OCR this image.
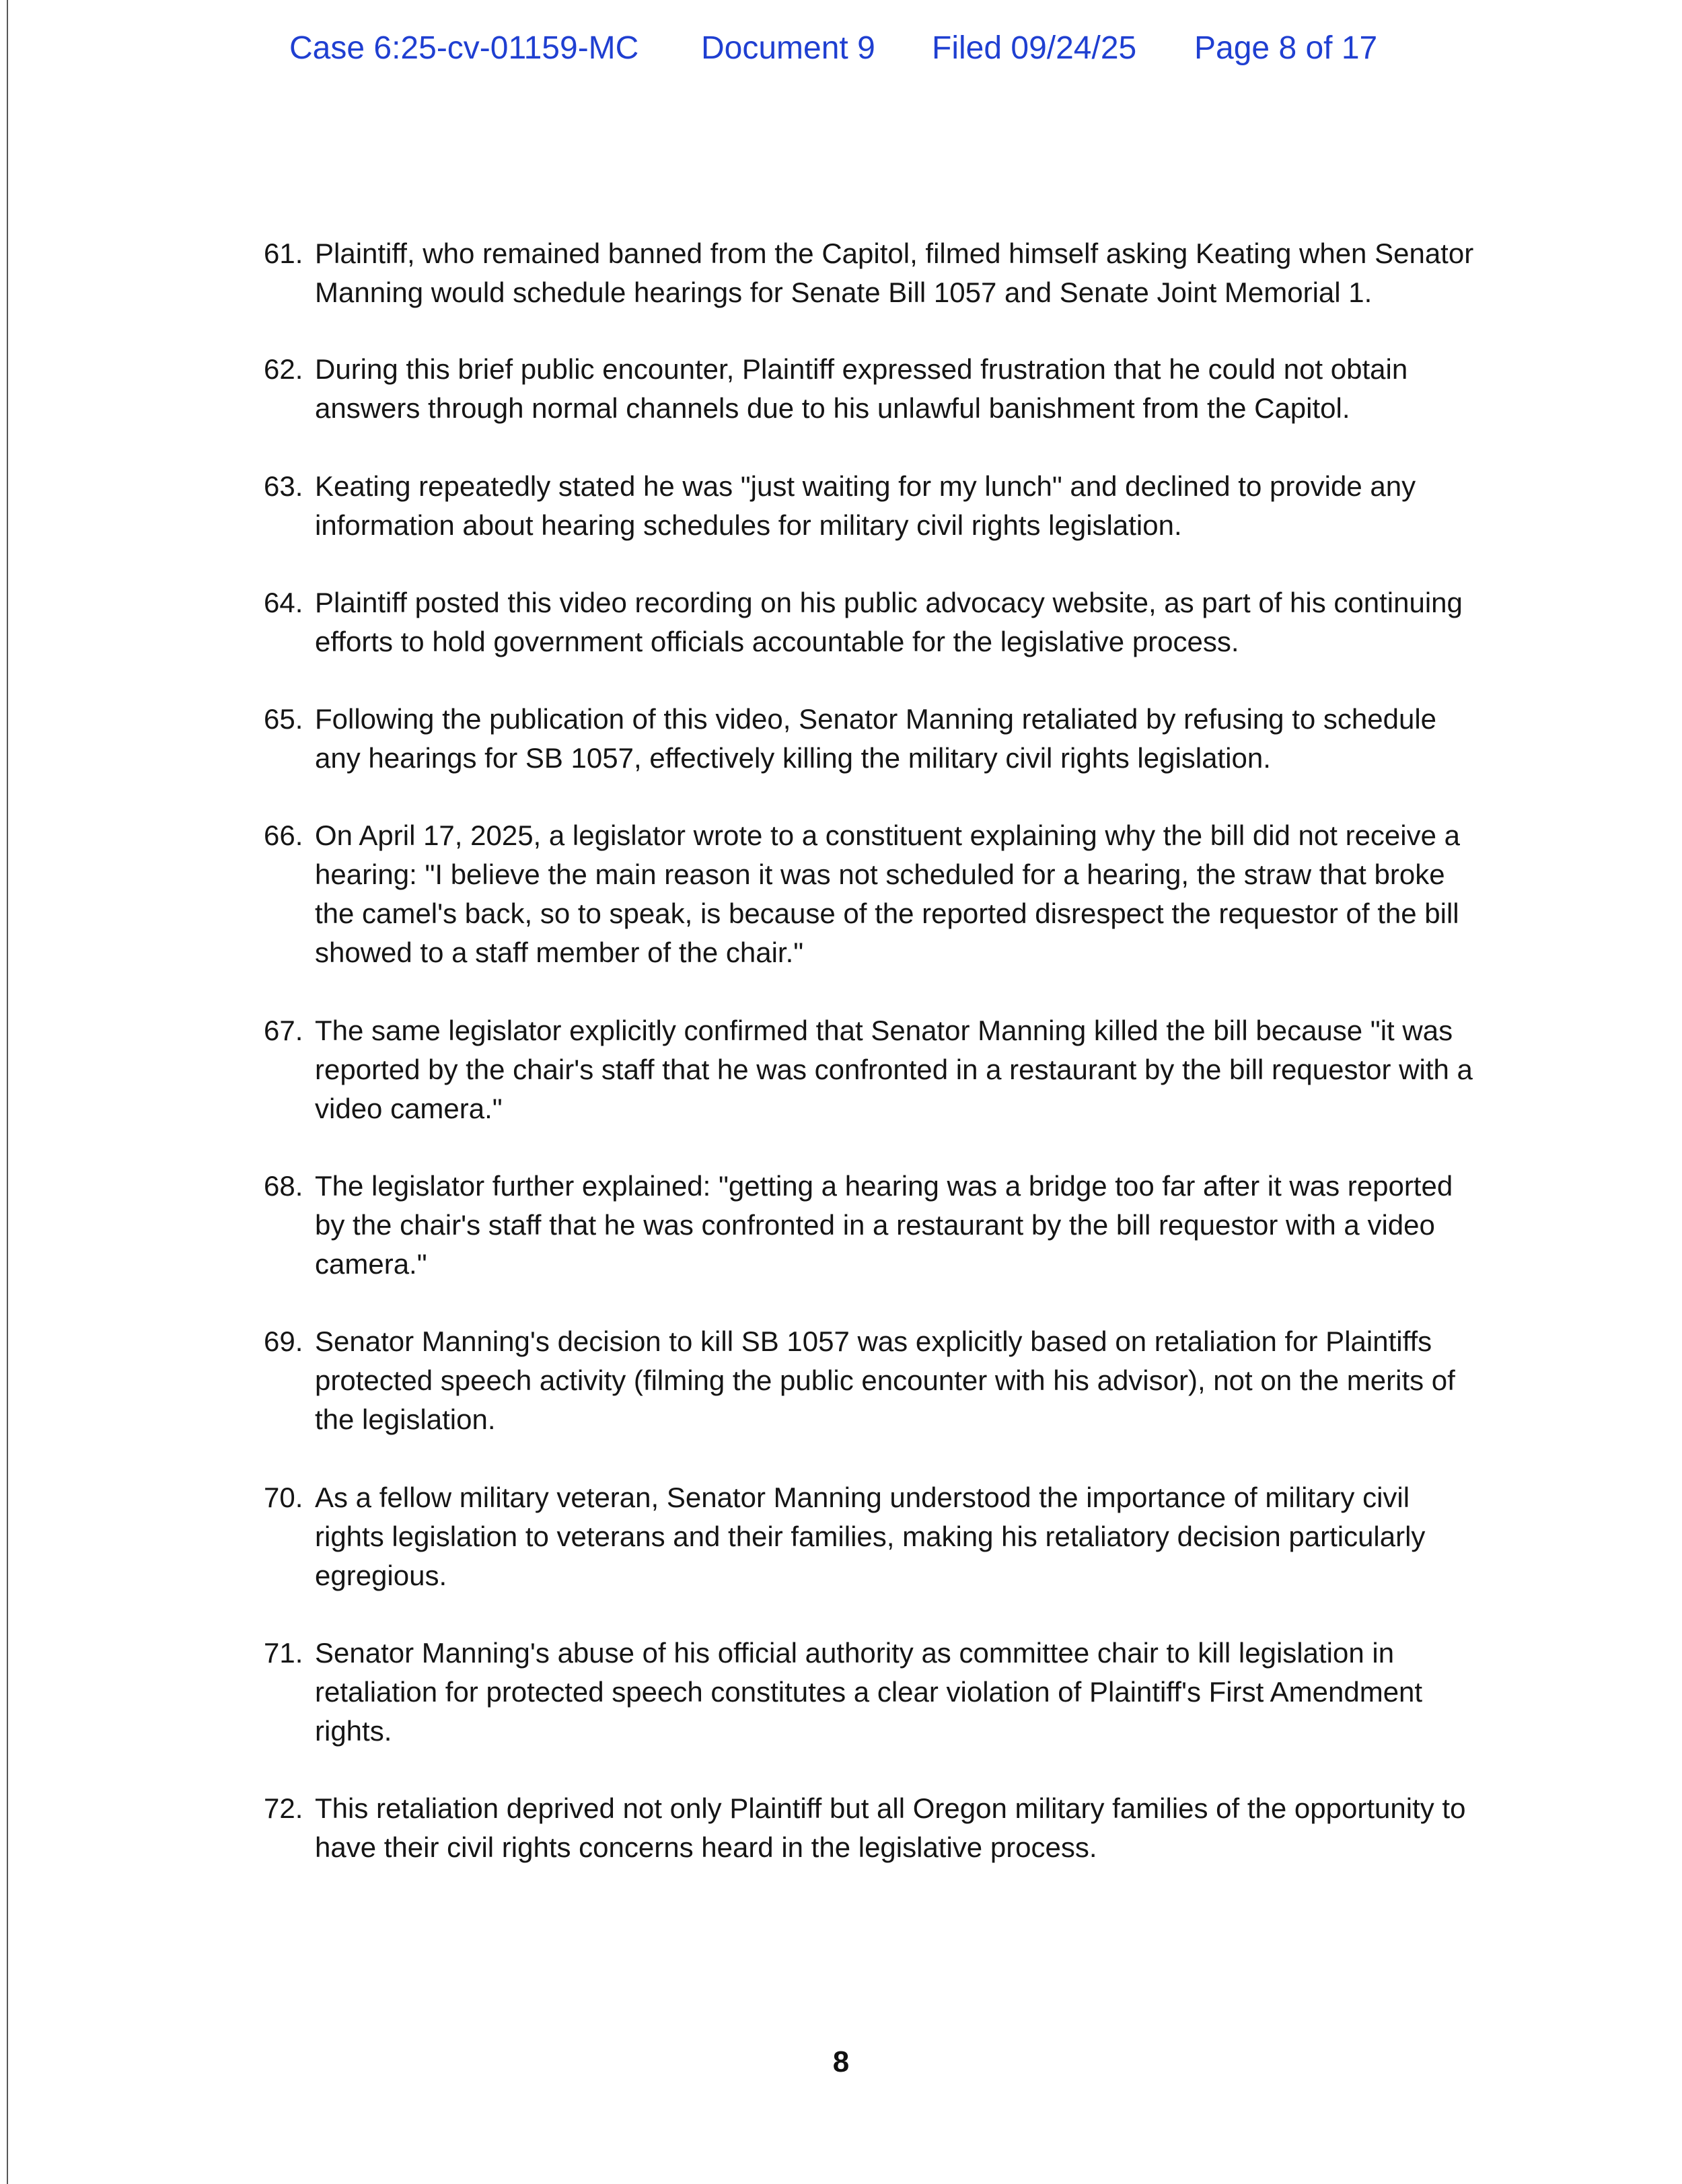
Case 6:25-cv-01159-MC Document 9 Filed 09/24/25 Page 8 of 17
61. Plaintiff, who remained banned from the Capitol, filmed himself asking Keating when Senator Manning would schedule hearings for Senate Bill 1057 and Senate Joint Memorial 1.
62. During this brief public encounter, Plaintiff expressed frustration that he could not obtain answers through normal channels due to his unlawful banishment from the Capitol.
63. Keating repeatedly stated he was "just waiting for my lunch" and declined to provide any information about hearing schedules for military civil rights legislation.
64. Plaintiff posted this video recording on his public advocacy website, as part of his continuing efforts to hold government officials accountable for the legislative process.
65. Following the publication of this video, Senator Manning retaliated by refusing to schedule any hearings for SB 1057, effectively killing the military civil rights legislation.
66. On April 17, 2025, a legislator wrote to a constituent explaining why the bill did not receive a hearing: "I believe the main reason it was not scheduled for a hearing, the straw that broke the camel's back, so to speak, is because of the reported disrespect the requestor of the bill showed to a staff member of the chair."
67. The same legislator explicitly confirmed that Senator Manning killed the bill because "it was reported by the chair's staff that he was confronted in a restaurant by the bill requestor with a video camera."
68. The legislator further explained: "getting a hearing was a bridge too far after it was reported by the chair's staff that he was confronted in a restaurant by the bill requestor with a video camera."
69. Senator Manning's decision to kill SB 1057 was explicitly based on retaliation for Plaintiffs protected speech activity (filming the public encounter with his advisor), not on the merits of the legislation.
70. As a fellow military veteran, Senator Manning understood the importance of military civil rights legislation to veterans and their families, making his retaliatory decision particularly egregious.
71. Senator Manning's abuse of his official authority as committee chair to kill legislation in retaliation for protected speech constitutes a clear violation of Plaintiff's First Amendment rights.
72. This retaliation deprived not only Plaintiff but all Oregon military families of the opportunity to have their civil rights concerns heard in the legislative process.
8
